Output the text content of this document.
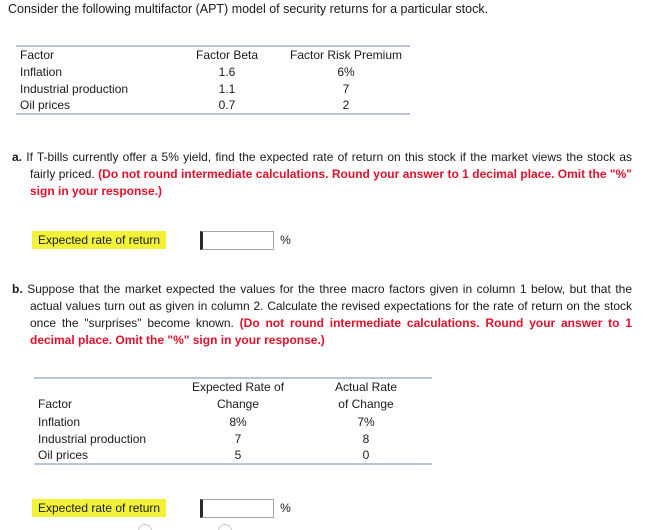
Consider the following multifactor (APT) model of security returns for a particular stock.
Factor	Factor Beta	Factor Risk Premium
Inflation	1.6	6%
Industrial production	1.1	7
Oil prices	0.7	2

a. If T-bills currently offer a 5% yield, find the expected rate of return on this stock if the market views the stock as fairly priced. (Do not round intermediate calculations. Round your answer to 1 decimal place. Omit the "%" sign in your response.)

Expected rate of return	%

b. Suppose that the market expected the values for the three macro factors given in column 1 below, but that the actual values turn out as given in column 2. Calculate the revised expectations for the rate of return on the stock once the "surprises" become known. (Do not round intermediate calculations. Round your answer to 1 decimal place. Omit the "%" sign in your response.)

	Expected Rate of	Actual Rate
Factor	Change	of Change
Inflation	8%	7%
Industrial production	7	8
Oil prices	5	0
Expected rate of return	%
